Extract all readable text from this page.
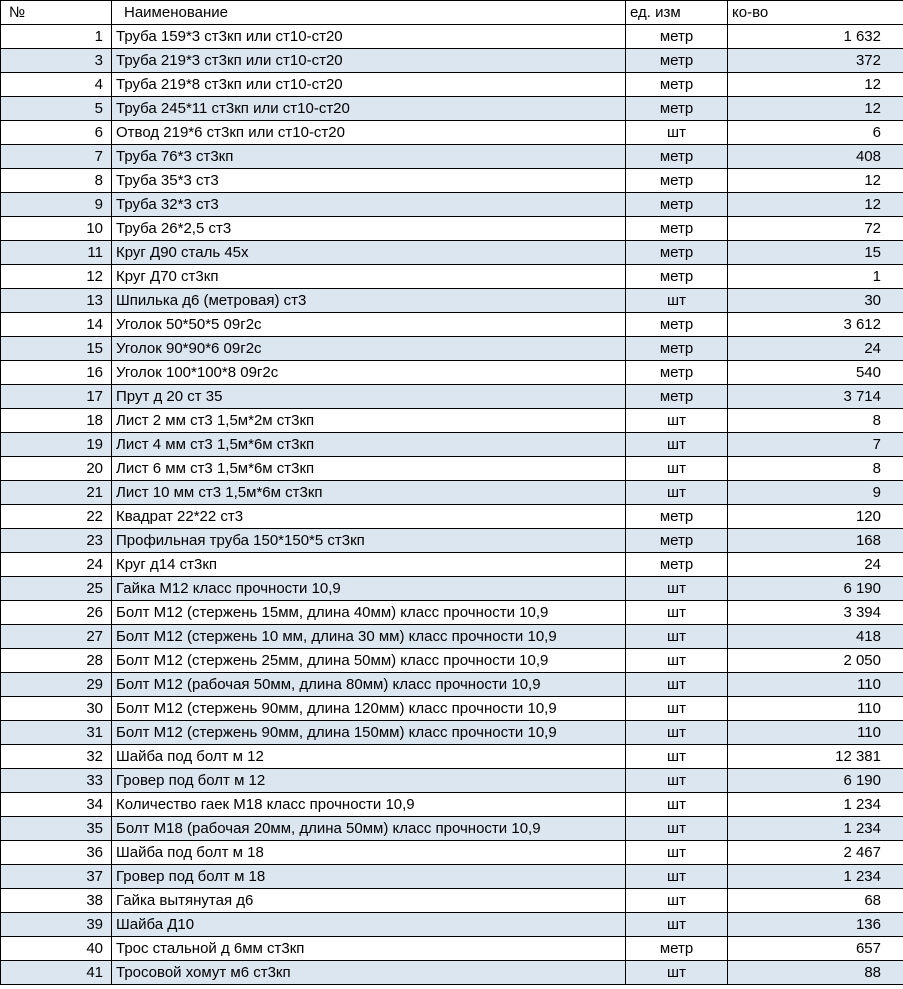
№	Наименование	ед. изм	ко-во
1	Труба 159*3 ст3кп или ст10-ст20	метр	1 632
3	Труба 219*3 ст3кп или ст10-ст20	метр	372
4	Труба 219*8 ст3кп или ст10-ст20	метр	12
5	Труба 245*11 ст3кп или ст10-ст20	метр	12
6	Отвод 219*6 ст3кп или ст10-ст20	шт	6
7	Труба 76*3 ст3кп	метр	408
8	Труба 35*3 ст3	метр	12
9	Труба 32*3 ст3	метр	12
10	Труба 26*2,5 ст3	метр	72
11	Круг Д90 сталь 45х	метр	15
12	Круг Д70 ст3кп	метр	1
13	Шпилька д6 (метровая) ст3	шт	30
14	Уголок 50*50*5 09г2с	метр	3 612
15	Уголок 90*90*6 09г2с	метр	24
16	Уголок 100*100*8 09г2с	метр	540
17	Прут д 20 ст 35	метр	3 714
18	Лист 2 мм ст3 1,5м*2м ст3кп	шт	8
19	Лист 4 мм ст3 1,5м*6м ст3кп	шт	7
20	Лист 6 мм ст3 1,5м*6м ст3кп	шт	8
21	Лист 10 мм ст3 1,5м*6м ст3кп	шт	9
22	Квадрат 22*22 ст3	метр	120
23	Профильная труба 150*150*5 ст3кп	метр	168
24	Круг д14 ст3кп	метр	24
25	Гайка М12 класс прочности 10,9	шт	6 190
26	Болт М12 (стержень 15мм, длина 40мм) класс прочности 10,9	шт	3 394
27	Болт М12 (стержень 10 мм, длина 30 мм) класс прочности 10,9	шт	418
28	Болт М12 (стержень 25мм, длина 50мм) класс прочности 10,9	шт	2 050
29	Болт М12 (рабочая 50мм, длина 80мм) класс прочности 10,9	шт	110
30	Болт М12 (стержень 90мм, длина 120мм) класс прочности 10,9	шт	110
31	Болт М12 (стержень 90мм, длина 150мм) класс прочности 10,9	шт	110
32	Шайба под болт м 12	шт	12 381
33	Гровер под болт м 12	шт	6 190
34	Количество гаек М18 класс прочности 10,9	шт	1 234
35	Болт М18 (рабочая 20мм, длина 50мм) класс прочности 10,9	шт	1 234
36	Шайба под болт м 18	шт	2 467
37	Гровер под болт м 18	шт	1 234
38	Гайка вытянутая д6	шт	68
39	Шайба Д10	шт	136
40	Трос стальной д 6мм ст3кп	метр	657
41	Тросовой хомут м6 ст3кп	шт	88
